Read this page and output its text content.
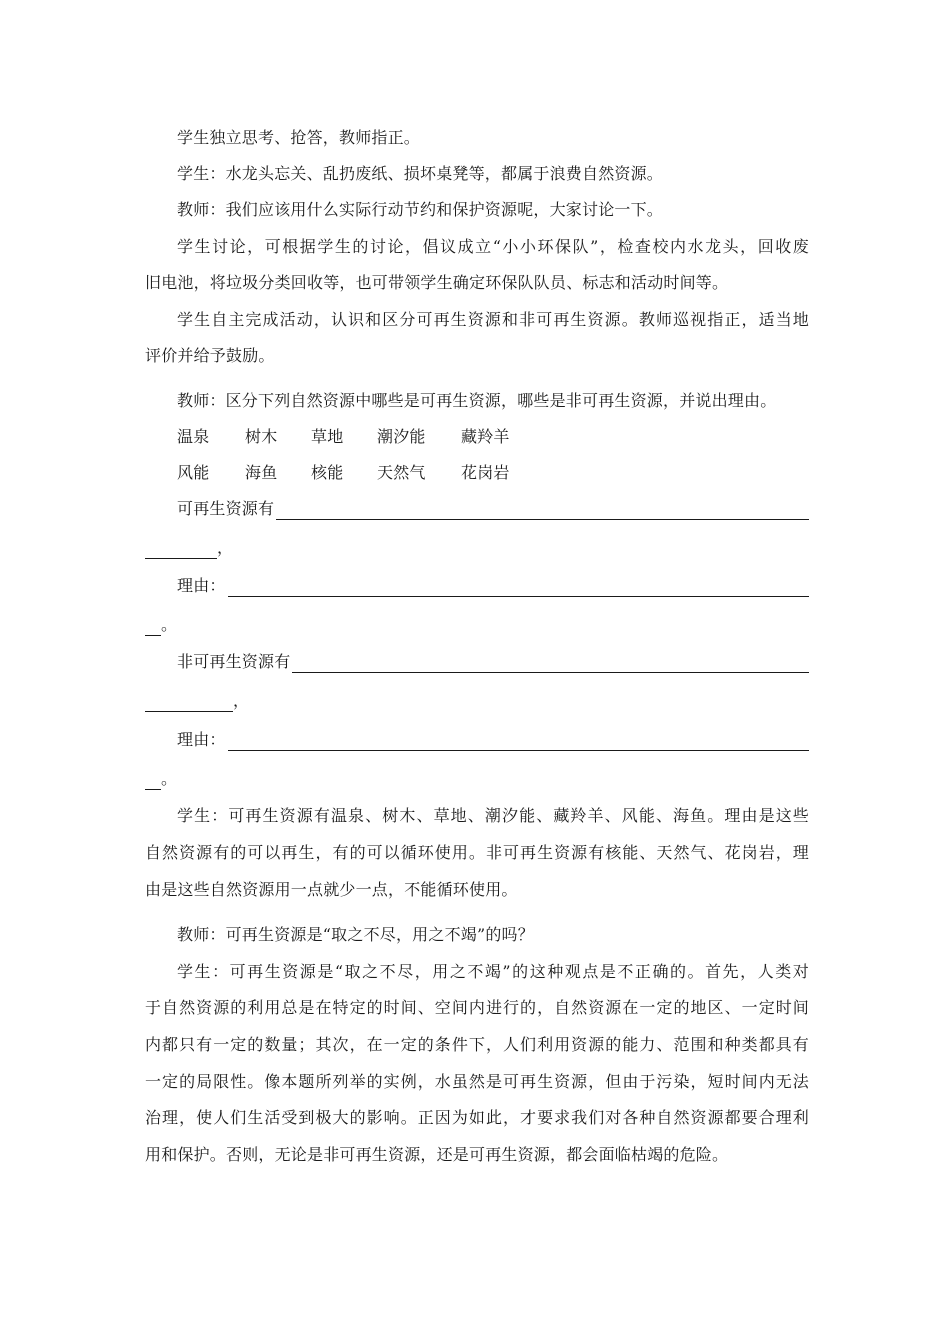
学生独立思考、抢答，教师指正。
学生：水龙头忘关、乱扔废纸、损坏桌凳等，都属于浪费自然资源。
教师：我们应该用什么实际行动节约和保护资源呢，大家讨论一下。
学生讨论，可根据学生的讨论，倡议成立“小小环保队”，检查校内水龙头，回收废
旧电池，将垃圾分类回收等，也可带领学生确定环保队队员、标志和活动时间等。
学生自主完成活动，认识和区分可再生资源和非可再生资源。教师巡视指正，适当地
评价并给予鼓励。
教师：区分下列自然资源中哪些是可再生资源，哪些是非可再生资源，并说出理由。
温泉 树木 草地 潮汐能 藏羚羊
风能 海鱼 核能 天然气 花岗岩
可再生资源有
，
理由：
。
非可再生资源有
，
理由：
。
学生：可再生资源有温泉、树木、草地、潮汐能、藏羚羊、风能、海鱼。理由是这些
自然资源有的可以再生，有的可以循环使用。非可再生资源有核能、天然气、花岗岩，理
由是这些自然资源用一点就少一点，不能循环使用。
教师：可再生资源是“取之不尽，用之不竭”的吗？
学生：可再生资源是“取之不尽，用之不竭”的这种观点是不正确的。首先，人类对
于自然资源的利用总是在特定的时间、空间内进行的，自然资源在一定的地区、一定时间
内都只有一定的数量；其次，在一定的条件下，人们利用资源的能力、范围和种类都具有
一定的局限性。像本题所列举的实例，水虽然是可再生资源，但由于污染，短时间内无法
治理，使人们生活受到极大的影响。正因为如此，才要求我们对各种自然资源都要合理利
用和保护。否则，无论是非可再生资源，还是可再生资源，都会面临枯竭的危险。
